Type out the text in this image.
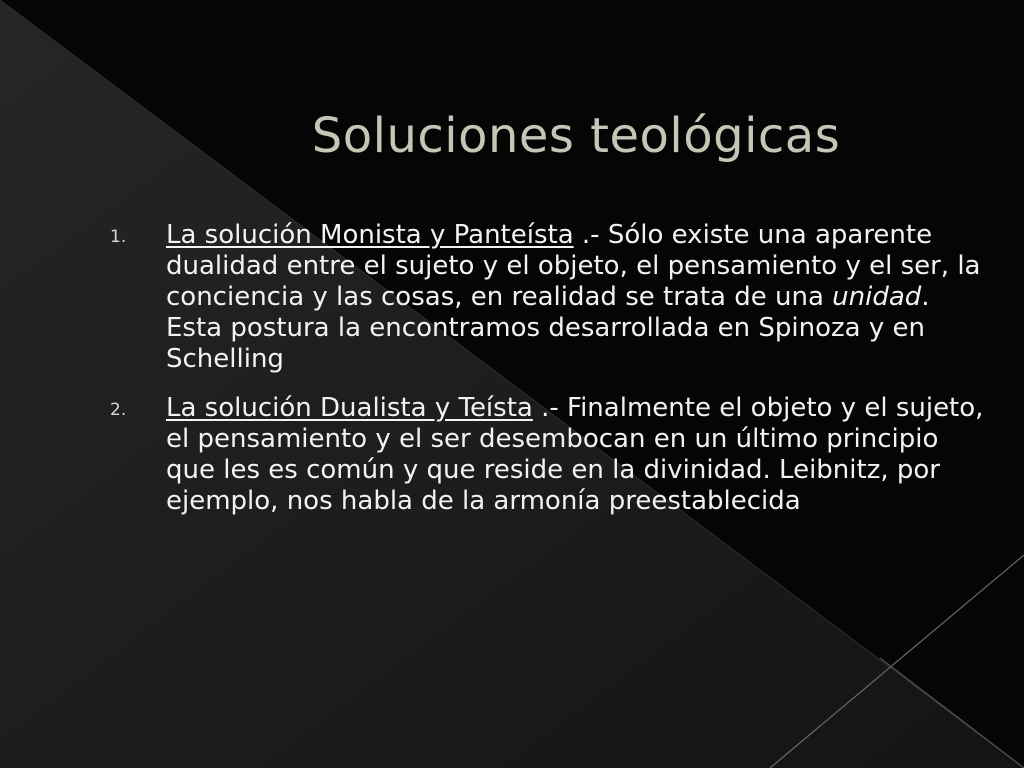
Soluciones teológicas
1. La solución Monista y Panteísta .- Sólo existe una aparente dualidad entre el sujeto y el objeto, el pensamiento y el ser, la conciencia y las cosas, en realidad se trata de una unidad. Esta postura la encontramos desarrollada en Spinoza y en Schelling
2. La solución Dualista y Teísta .- Finalmente el objeto y el sujeto, el pensamiento y el ser desembocan en un último principio que les es común y que reside en la divinidad. Leibnitz, por ejemplo, nos habla de la armonía preestablecida
